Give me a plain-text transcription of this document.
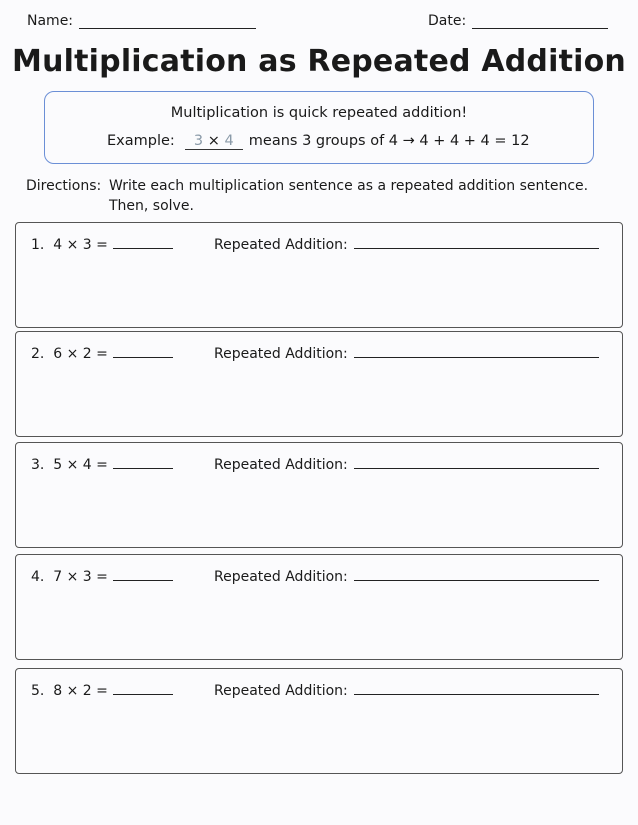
Name:	Date:
Multiplication as Repeated Addition
Multiplication is quick repeated addition!
Example: 3 × 4 means 3 groups of 4 → 4 + 4 + 4 = 12
Directions: Write each multiplication sentence as a repeated addition sentence.
Then, solve.
1. 4 × 3 =	Repeated Addition:
2. 6 × 2 =	Repeated Addition:
3. 5 × 4 =	Repeated Addition:
4. 7 × 3 =	Repeated Addition:
5. 8 × 2 =	Repeated Addition:
